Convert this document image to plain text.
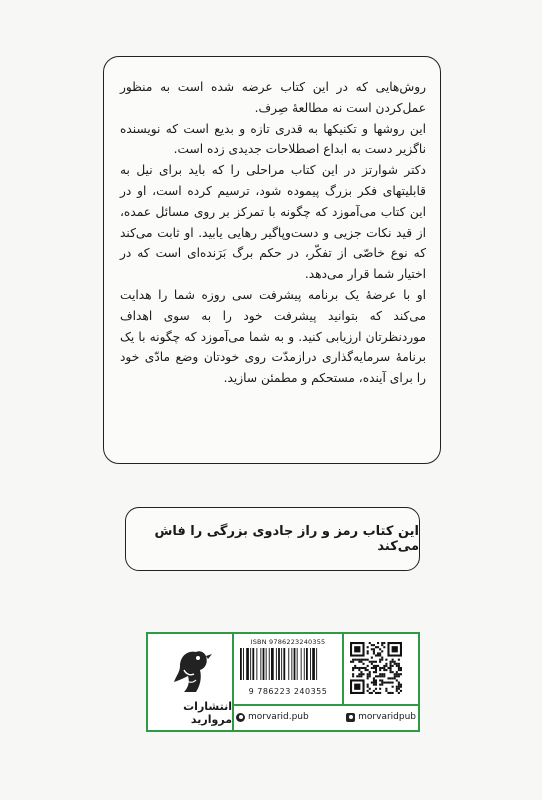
روش‌هایی که در این کتاب عرضه شده است به منظور عمل‌کردن است نه مطالعهٔ صِرف.

این روشها و تکنیکها به قدری تازه و بدیع است که نویسنده ناگزیر دست به ابداع اصطلاحات جدیدی زده است.

دکتر شوارتز در این کتاب مراحلی را که باید برای نیل به قابلیتهای فکر بزرگ پیموده شود، ترسیم کرده است، او در این کتاب می‌آموزد که چگونه با تمرکز بر روی مسائل عمده، از قید نکات جزیی و دست‌وپاگیر رهایی یابید. او ثابت می‌کند که نوع خاصّی از تفکّر، در حکم برگ بَرَنده‌ای است که در اختیار شما قرار می‌دهد.

او با عرضهٔ یک برنامه پیشرفت سی روزه شما را هدایت می‌کند که بتوانید پیشرفت خود را به سوی اهداف موردنظرتان ارزیابی کنید. و به شما می‌آموزد که چگونه با یک برنامهٔ سرمایه‌گذاری درازمدّت روی خودتان وضع مادّی خود را برای آینده، مستحکم و مطمئن سازید.

این کتاب رمز و راز جادوی بزرگی را فاش می‌کند
انتشارات مروارید
ISBN 9786223240355
9 786223 240355
morvarid.pub	morvaridpub
